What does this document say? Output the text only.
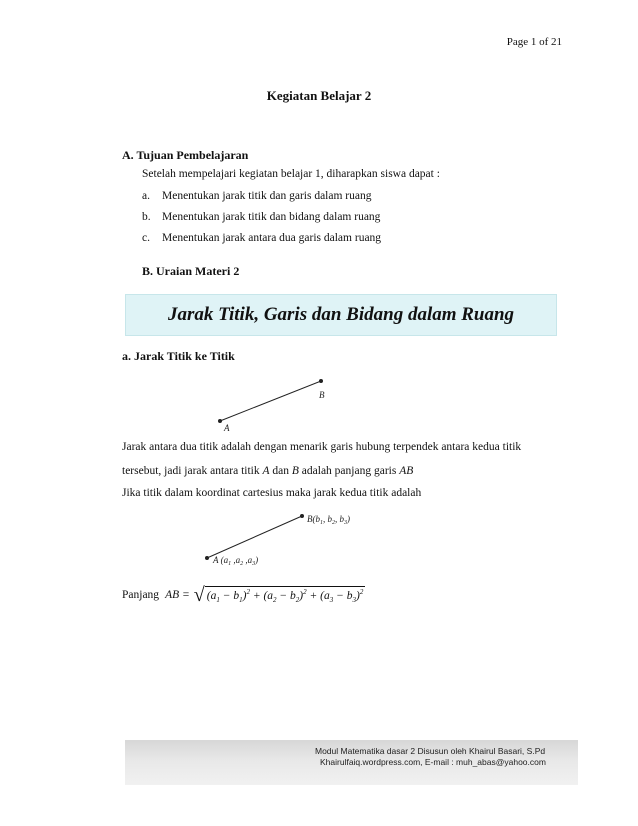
Page 1 of 21
Kegiatan Belajar 2
A. Tujuan Pembelajaran
Setelah mempelajari kegiatan belajar 1, diharapkan siswa dapat :
a. Menentukan jarak titik dan garis dalam ruang
b. Menentukan jarak titik dan bidang dalam ruang
c. Menentukan jarak antara dua garis dalam ruang
B. Uraian Materi 2
Jarak Titik, Garis dan Bidang dalam Ruang
a. Jarak Titik ke Titik
A
B
Jarak antara dua titik adalah dengan menarik garis hubung terpendek antara kedua titik
tersebut, jadi jarak antara titik A dan B adalah panjang garis AB
Jika titik dalam koordinat cartesius maka jarak kedua titik adalah
A ($a_1$ $,a_2$ $,a_3$)
$B(b_1$, $b_2$, $b_3$)
Panjang AB = √ $(a_1 - b_1)^2 + (a_2 - b_2)^2 + (a_3 - b_3)^2$
Modul Matematika dasar 2 Disusun oleh Khairul Basari, S.Pd
Khairulfaiq.wordpress.com, E-mail : muh_abas@yahoo.com
